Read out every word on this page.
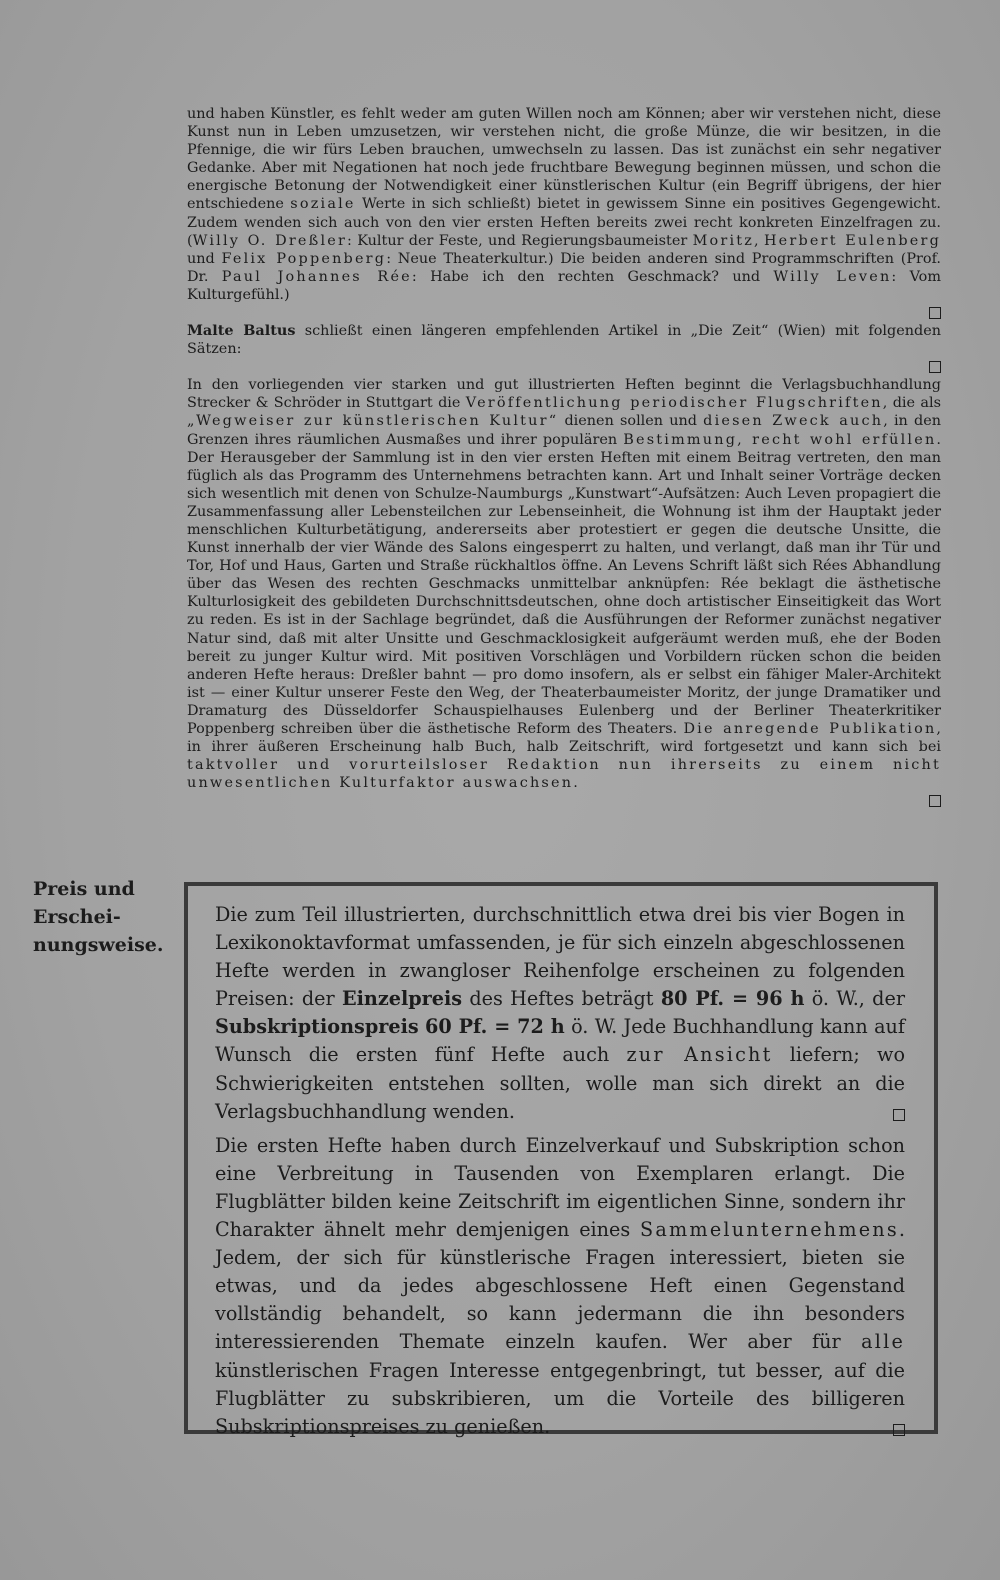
und haben Künstler, es fehlt weder am guten Willen noch am Können; aber wir verstehen nicht, diese Kunst nun in Leben umzusetzen, wir verstehen nicht, die große Münze, die wir besitzen, in die Pfennige, die wir fürs Leben brauchen, umwechseln zu lassen. Das ist zunächst ein sehr negativer Gedanke. Aber mit Negationen hat noch jede fruchtbare Bewegung beginnen müssen, und schon die energische Betonung der Notwendigkeit einer künstlerischen Kultur (ein Begriff übrigens, der hier entschiedene soziale Werte in sich schließt) bietet in gewissem Sinne ein positives Gegengewicht. Zudem wenden sich auch von den vier ersten Heften bereits zwei recht konkreten Einzelfragen zu. (Willy O. Dreßler: Kultur der Feste, und Regierungsbaumeister Moritz, Herbert Eulenberg und Felix Poppenberg: Neue Theaterkultur.) Die beiden anderen sind Programmschriften (Prof. Dr. Paul Johannes Rée: Habe ich den rechten Geschmack? und Willy Leven: Vom Kulturgefühl.)

Malte Baltus schließt einen längeren empfehlenden Artikel in „Die Zeit“ (Wien) mit folgenden Sätzen:

In den vorliegenden vier starken und gut illustrierten Heften beginnt die Verlagsbuchhandlung Strecker & Schröder in Stuttgart die Veröffentlichung periodischer Flugschriften, die als „Wegweiser zur künstlerischen Kultur“ dienen sollen und diesen Zweck auch, in den Grenzen ihres räumlichen Ausmaßes und ihrer populären Bestimmung, recht wohl erfüllen. Der Herausgeber der Sammlung ist in den vier ersten Heften mit einem Beitrag vertreten, den man füglich als das Programm des Unternehmens betrachten kann. Art und Inhalt seiner Vorträge decken sich wesentlich mit denen von Schulze-Naumburgs „Kunstwart“-Aufsätzen: Auch Leven propagiert die Zusammenfassung aller Lebensteilchen zur Lebenseinheit, die Wohnung ist ihm der Hauptakt jeder menschlichen Kulturbetätigung, andererseits aber protestiert er gegen die deutsche Unsitte, die Kunst innerhalb der vier Wände des Salons eingesperrt zu halten, und verlangt, daß man ihr Tür und Tor, Hof und Haus, Garten und Straße rückhaltlos öffne. An Levens Schrift läßt sich Rées Abhandlung über das Wesen des rechten Geschmacks unmittelbar anknüpfen: Rée beklagt die ästhetische Kulturlosigkeit des gebildeten Durchschnittsdeutschen, ohne doch artistischer Einseitigkeit das Wort zu reden. Es ist in der Sachlage begründet, daß die Ausführungen der Reformer zunächst negativer Natur sind, daß mit alter Unsitte und Geschmacklosigkeit aufgeräumt werden muß, ehe der Boden bereit zu junger Kultur wird. Mit positiven Vorschlägen und Vorbildern rücken schon die beiden anderen Hefte heraus: Dreßler bahnt — pro domo insofern, als er selbst ein fähiger Maler-Architekt ist — einer Kultur unserer Feste den Weg, der Theaterbaumeister Moritz, der junge Dramatiker und Dramaturg des Düsseldorfer Schauspielhauses Eulenberg und der Berliner Theaterkritiker Poppenberg schreiben über die ästhetische Reform des Theaters. Die anregende Publikation, in ihrer äußeren Erscheinung halb Buch, halb Zeitschrift, wird fortgesetzt und kann sich bei taktvoller und vorurteilsloser Redaktion nun ihrerseits zu einem nicht unwesentlichen Kulturfaktor auswachsen.

Preis und
Erschei-
nungsweise.

Die zum Teil illustrierten, durchschnittlich etwa drei bis vier Bogen in Lexikonoktavformat umfassenden, je für sich einzeln abgeschlossenen Hefte werden in zwangloser Reihenfolge erscheinen zu folgenden Preisen: der Einzelpreis des Heftes beträgt 80 Pf. = 96 h ö. W., der Subskriptionspreis 60 Pf. = 72 h ö. W. Jede Buchhandlung kann auf Wunsch die ersten fünf Hefte auch zur Ansicht liefern; wo Schwierigkeiten entstehen sollten, wolle man sich direkt an die Verlagsbuchhandlung wenden.

Die ersten Hefte haben durch Einzelverkauf und Subskription schon eine Verbreitung in Tausenden von Exemplaren erlangt. Die Flugblätter bilden keine Zeitschrift im eigentlichen Sinne, sondern ihr Charakter ähnelt mehr demjenigen eines Sammelunternehmens. Jedem, der sich für künstlerische Fragen interessiert, bieten sie etwas, und da jedes abgeschlossene Heft einen Gegenstand vollständig behandelt, so kann jedermann die ihn besonders interessierenden Themate einzeln kaufen. Wer aber für alle künstlerischen Fragen Interesse entgegenbringt, tut besser, auf die Flugblätter zu subskribieren, um die Vorteile des billigeren Subskriptionspreises zu genießen.
